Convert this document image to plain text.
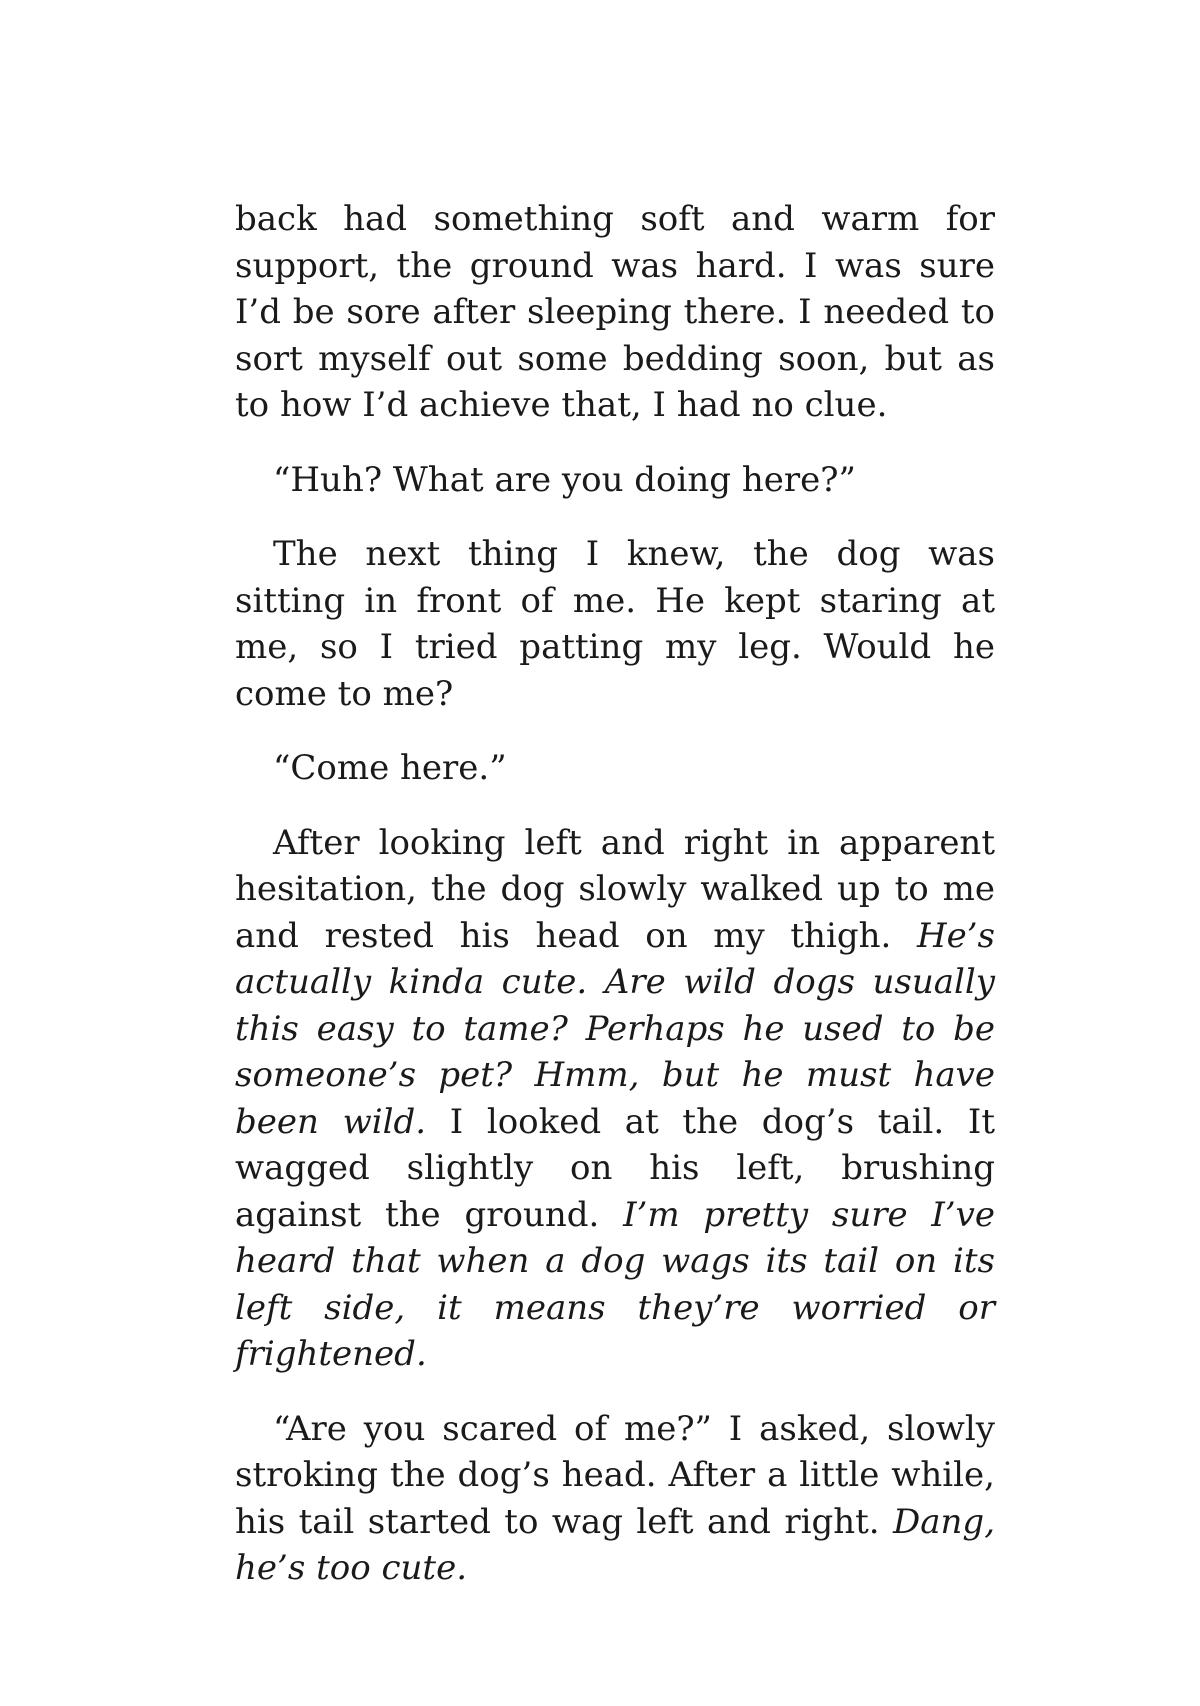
back had something soft and warm for support, the ground was hard. I was sure I’d be sore after sleeping there. I needed to sort myself out some bedding soon, but as to how I’d achieve that, I had no clue.

“Huh? What are you doing here?”

The next thing I knew, the dog was sitting in front of me. He kept staring at me, so I tried patting my leg. Would he come to me?

“Come here.”

After looking left and right in apparent hesitation, the dog slowly walked up to me and rested his head on my thigh. He’s actually kinda cute. Are wild dogs usually this easy to tame? Perhaps he used to be someone’s pet? Hmm, but he must have been wild. I looked at the dog’s tail. It wagged slightly on his left, brushing against the ground. I’m pretty sure I’ve heard that when a dog wags its tail on its left side, it means they’re worried or frightened.

“Are you scared of me?” I asked, slowly stroking the dog’s head. After a little while, his tail started to wag left and right. Dang, he’s too cute.
